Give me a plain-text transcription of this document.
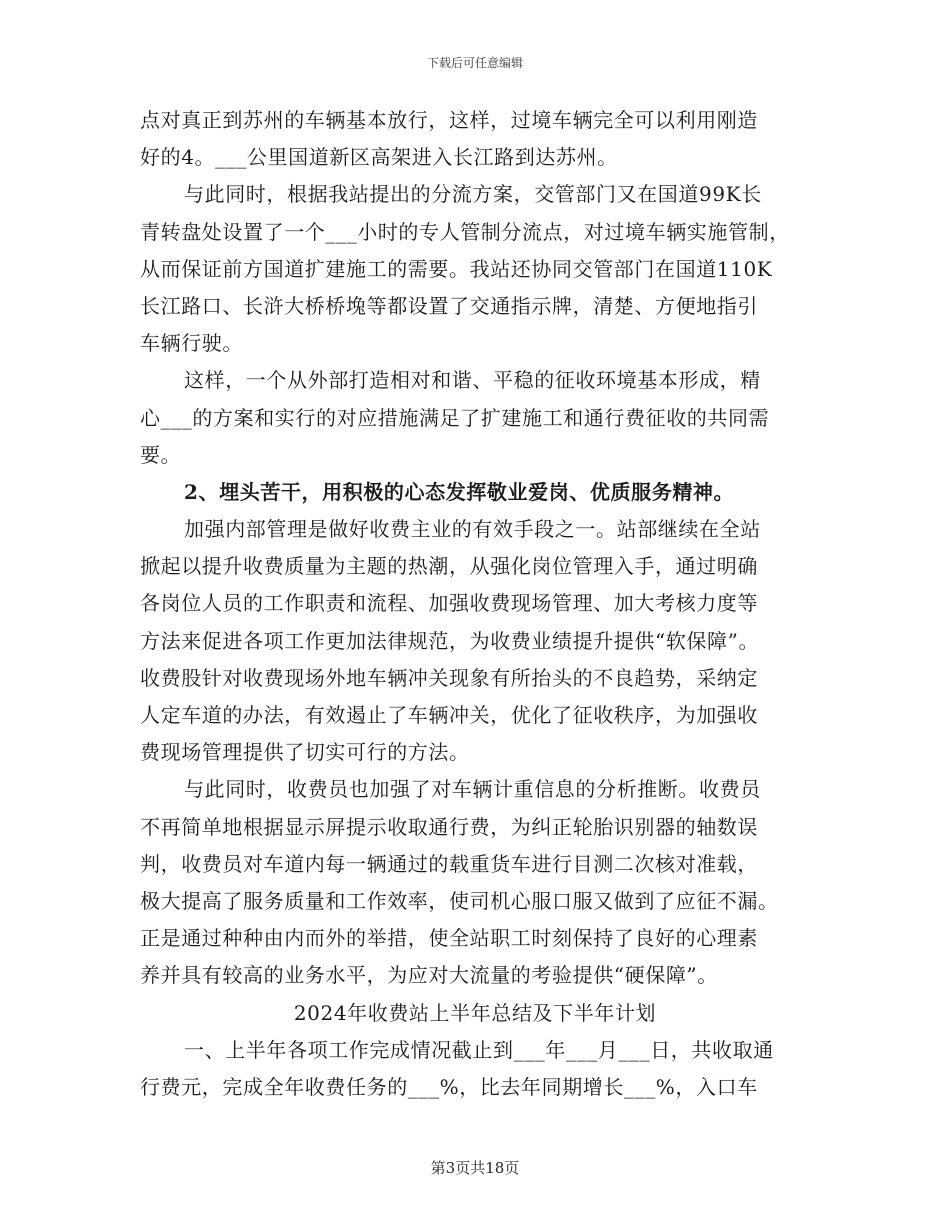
下载后可任意编辑
点对真正到苏州的车辆基本放行，这样，过境车辆完全可以利用刚造
好的4。___公里国道新区高架进入长江路到达苏州。
与此同时，根据我站提出的分流方案，交管部门又在国道99K长
青转盘处设置了一个___小时的专人管制分流点，对过境车辆实施管制，
从而保证前方国道扩建施工的需要。我站还协同交管部门在国道110K
长江路口、长浒大桥桥堍等都设置了交通指示牌，清楚、方便地指引
车辆行驶。
这样，一个从外部打造相对和谐、平稳的征收环境基本形成，精
心___的方案和实行的对应措施满足了扩建施工和通行费征收的共同需
要。
2、埋头苦干，用积极的心态发挥敬业爱岗、优质服务精神。
加强内部管理是做好收费主业的有效手段之一。站部继续在全站
掀起以提升收费质量为主题的热潮，从强化岗位管理入手，通过明确
各岗位人员的工作职责和流程、加强收费现场管理、加大考核力度等
方法来促进各项工作更加法律规范，为收费业绩提升提供“软保障”。
收费股针对收费现场外地车辆冲关现象有所抬头的不良趋势，采纳定
人定车道的办法，有效遏止了车辆冲关，优化了征收秩序，为加强收
费现场管理提供了切实可行的方法。
与此同时，收费员也加强了对车辆计重信息的分析推断。收费员
不再简单地根据显示屏提示收取通行费，为纠正轮胎识别器的轴数误
判，收费员对车道内每一辆通过的载重货车进行目测二次核对准载，
极大提高了服务质量和工作效率，使司机心服口服又做到了应征不漏。
正是通过种种由内而外的举措，使全站职工时刻保持了良好的心理素
养并具有较高的业务水平，为应对大流量的考验提供“硬保障”。
2024年收费站上半年总结及下半年计划
一、上半年各项工作完成情况截止到___年___月___日，共收取通
行费元，完成全年收费任务的___%，比去年同期增长___%，入口车
第3页共18页
